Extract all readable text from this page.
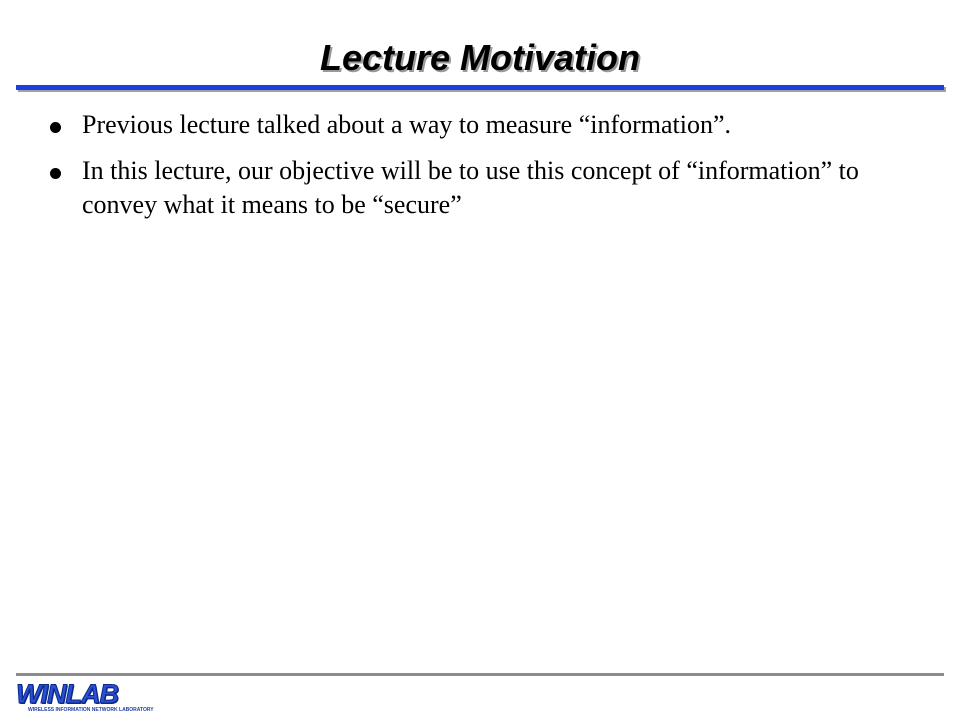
Lecture Motivation
Previous lecture talked about a way to measure “information”.
In this lecture, our objective will be to use this concept of “information” to convey what it means to be “secure”
WINLAB
WIRELESS INFORMATION NETWORK LABORATORY
